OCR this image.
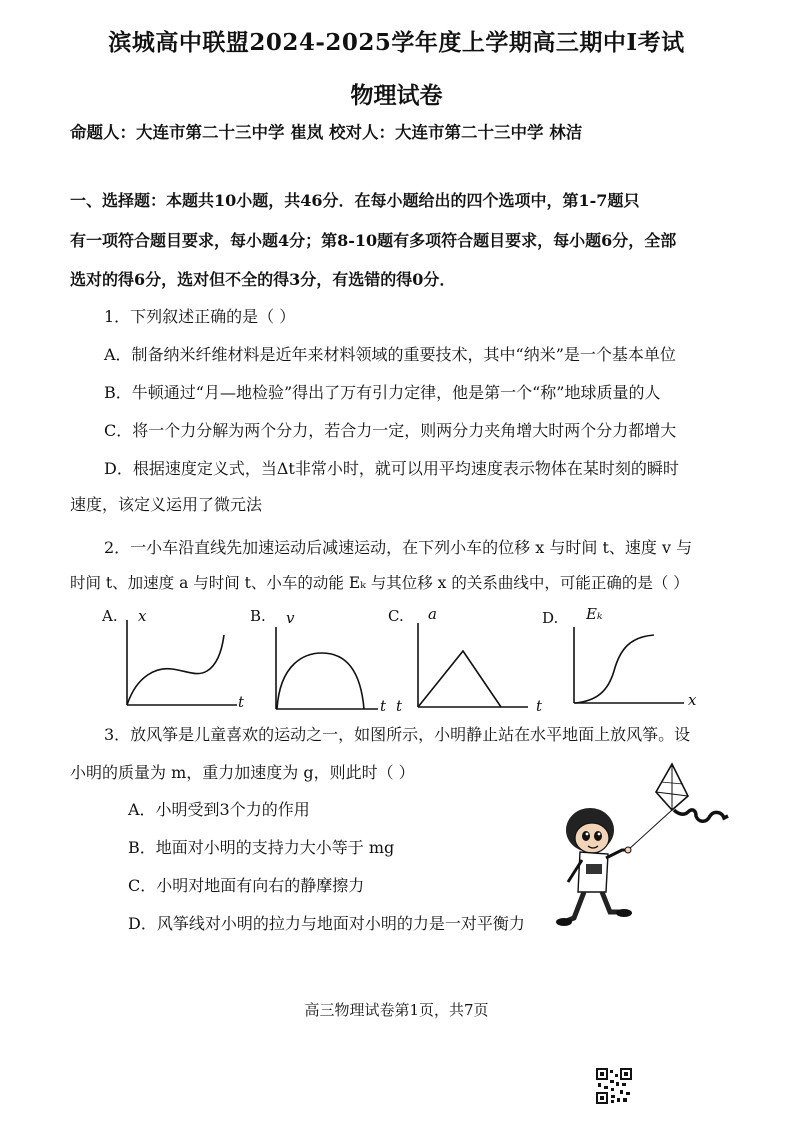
滨城高中联盟2024-2025学年度上学期高三期中Ⅰ考试
物理试卷
命题人：大连市第二十三中学 崔岚 校对人：大连市第二十三中学 林洁
一、选择题：本题共10小题，共46分．在每小题给出的四个选项中，第1-7题只
有一项符合题目要求，每小题4分；第8-10题有多项符合题目要求，每小题6分，全部
选对的得6分，选对但不全的得3分，有选错的得0分．
1．下列叙述正确的是（ ）
A．制备纳米纤维材料是近年来材料领域的重要技术，其中“纳米”是一个基本单位
B．牛顿通过“月—地检验”得出了万有引力定律，他是第一个“称”地球质量的人
C．将一个力分解为两个分力，若合力一定，则两分力夹角增大时两个分力都增大
D．根据速度定义式，当Δt非常小时，就可以用平均速度表示物体在某时刻的瞬时
速度，该定义运用了微元法
2．一小车沿直线先加速运动后减速运动，在下列小车的位移 x 与时间 t、速度 v 与
时间 t、加速度 a 与时间 t、小车的动能 Eₖ 与其位移 x 的关系曲线中，可能正确的是（ ）
A. x
t
B. v
t
C. a
t	t
D. Eₖ
x
3．放风筝是儿童喜欢的运动之一，如图所示，小明静止站在水平地面上放风筝。设
小明的质量为 m，重力加速度为 g，则此时（ ）
A．小明受到3个力的作用
B．地面对小明的支持力大小等于 mg
C．小明对地面有向右的静摩擦力
D．风筝线对小明的拉力与地面对小明的力是一对平衡力
高三物理试卷第1页，共7页
